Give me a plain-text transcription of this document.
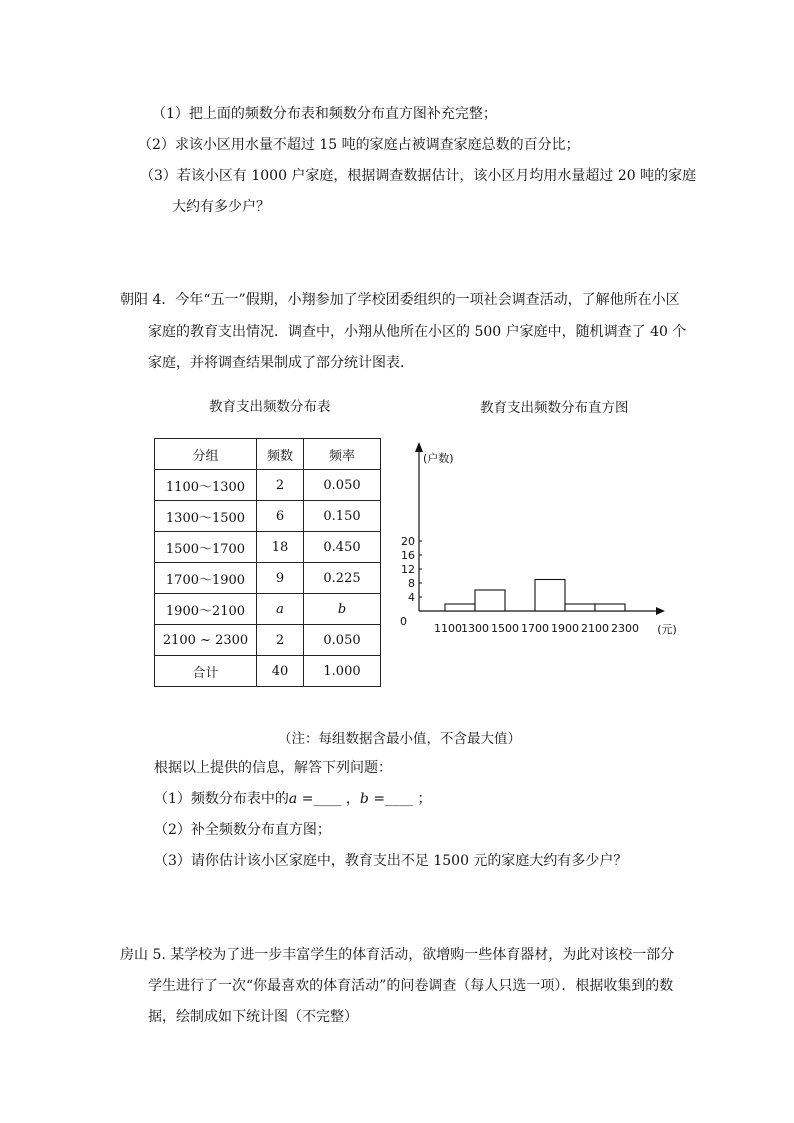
（1）把上面的频数分布表和频数分布直方图补充完整；
（2）求该小区用水量不超过 15 吨的家庭占被调查家庭总数的百分比；
（3）若该小区有 1000 户家庭，根据调查数据估计，该小区月均用水量超过 20 吨的家庭
大约有多少户？
朝阳 4．今年“五一”假期，小翔参加了学校团委组织的一项社会调查活动，了解他所在小区
家庭的教育支出情况．调查中，小翔从他所在小区的 500 户家庭中，随机调查了 40 个
家庭，并将调查结果制成了部分统计图表．
教育支出频数分布表	教育支出频数分布直方图
分组	频数	频率
1100～1300	2	0.050
1300～1500	6	0.150
1500～1700	18	0.450
1700～1900	9	0.225
1900～2100	a	b
2100 ~ 2300	2	0.050
合计	40	1.000
0
4
8
12
16
20
(户数)
1100 1300 1500 1700 1900 2100 2300 (元)
（注：每组数据含最小值，不含最大值）
根据以上提供的信息，解答下列问题：
（1）频数分布表中的a =____ ，b =____ ；
（2）补全频数分布直方图；
（3）请你估计该小区家庭中，教育支出不足 1500 元的家庭大约有多少户？
房山 5. 某学校为了进一步丰富学生的体育活动，欲增购一些体育器材，为此对该校一部分
学生进行了一次“你最喜欢的体育活动”的问卷调查（每人只选一项）．根据收集到的数
据，绘制成如下统计图（不完整）
